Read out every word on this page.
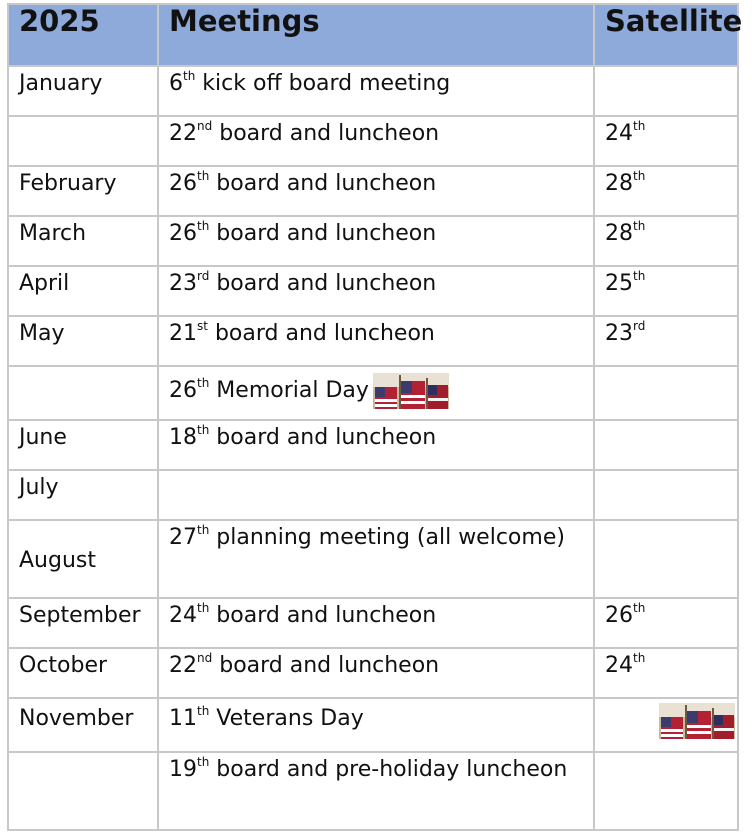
2025	Meetings	Satellite
January	6th kick off board meeting	
	22nd board and luncheon	24th
February	26th board and luncheon	28th
March	26th board and luncheon	28th
April	23rd board and luncheon	25th
May	21st board and luncheon	23rd
	26th Memorial Day	
June	18th board and luncheon	
July		
August	27th planning meeting (all welcome)	
September	24th board and luncheon	26th
October	22nd board and luncheon	24th
November	11th Veterans Day	

	19th board and pre-holiday luncheon	
